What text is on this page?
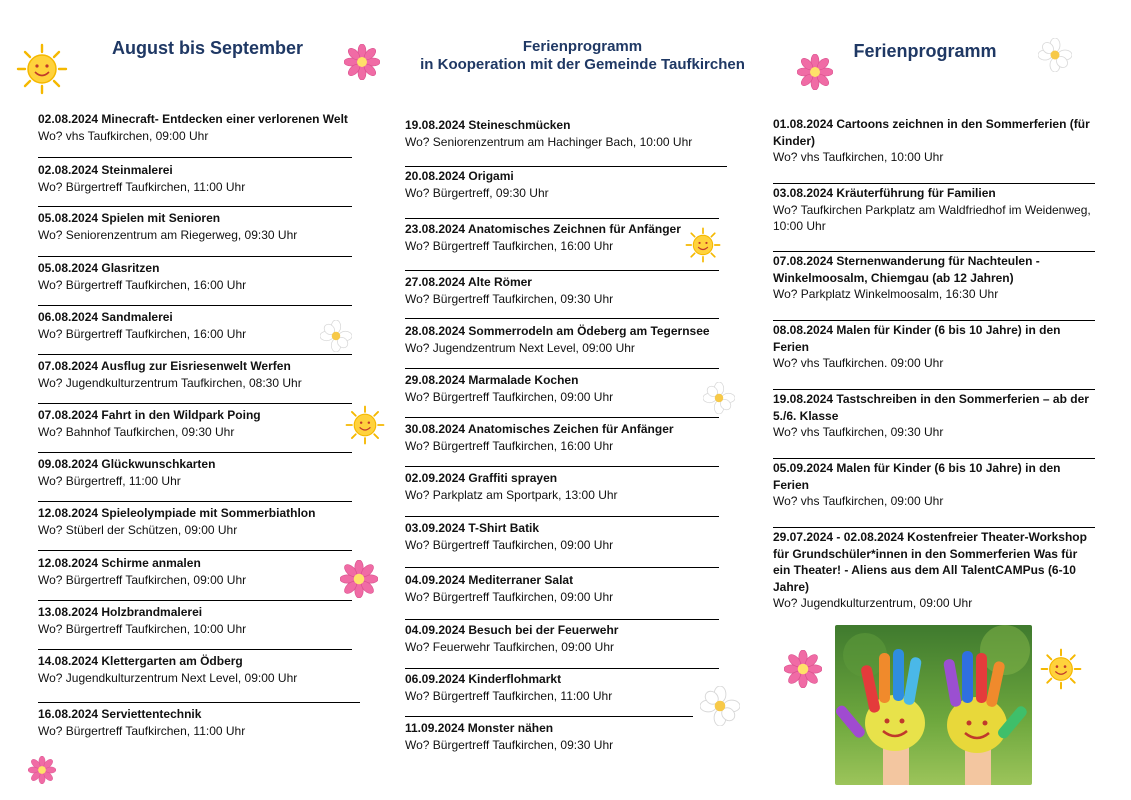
August bis September	Ferienprogramm
in Kooperation mit der Gemeinde Taufkirchen
Ferienprogramm
02.08.2024 Minecraft- Entdecken einer verlorenen Welt
Wo? vhs Taufkirchen, 09:00 Uhr
02.08.2024 Steinmalerei
Wo? Bürgertreff Taufkirchen, 11:00 Uhr
05.08.2024 Spielen mit Senioren
Wo? Seniorenzentrum am Riegerweg, 09:30 Uhr
05.08.2024 Glasritzen
Wo? Bürgertreff Taufkirchen, 16:00 Uhr
06.08.2024 Sandmalerei
Wo? Bürgertreff Taufkirchen, 16:00 Uhr
07.08.2024 Ausflug zur Eisriesenwelt Werfen
Wo? Jugendkulturzentrum Taufkirchen, 08:30 Uhr
07.08.2024 Fahrt in den Wildpark Poing
Wo? Bahnhof Taufkirchen, 09:30 Uhr
09.08.2024 Glückwunschkarten
Wo? Bürgertreff, 11:00 Uhr
12.08.2024 Spieleolympiade mit Sommerbiathlon
Wo? Stüberl der Schützen, 09:00 Uhr
12.08.2024 Schirme anmalen
Wo? Bürgertreff Taufkirchen, 09:00 Uhr
13.08.2024 Holzbrandmalerei
Wo? Bürgertreff Taufkirchen, 10:00 Uhr
14.08.2024 Klettergarten am Ödberg
Wo? Jugendkulturzentrum Next Level, 09:00 Uhr
16.08.2024 Serviettentechnik
Wo? Bürgertreff Taufkirchen, 11:00 Uhr
19.08.2024 Steineschmücken
Wo? Seniorenzentrum am Hachinger Bach, 10:00 Uhr
20.08.2024 Origami
Wo? Bürgertreff, 09:30 Uhr
23.08.2024 Anatomisches Zeichnen für Anfänger
Wo? Bürgertreff Taufkirchen, 16:00 Uhr
27.08.2024 Alte Römer
Wo? Bürgertreff Taufkirchen, 09:30 Uhr
28.08.2024 Sommerrodeln am Ödeberg am Tegernsee
Wo? Jugendzentrum Next Level, 09:00 Uhr
29.08.2024 Marmalade Kochen
Wo? Bürgertreff Taufkirchen, 09:00 Uhr
30.08.2024 Anatomisches Zeichen für Anfänger
Wo? Bürgertreff Taufkirchen, 16:00 Uhr
02.09.2024 Graffiti sprayen
Wo? Parkplatz am Sportpark, 13:00 Uhr
03.09.2024 T-Shirt Batik
Wo? Bürgertreff Taufkirchen, 09:00 Uhr
04.09.2024 Mediterraner Salat
Wo? Bürgertreff Taufkirchen, 09:00 Uhr
04.09.2024 Besuch bei der Feuerwehr
Wo? Feuerwehr Taufkirchen, 09:00 Uhr
06.09.2024 Kinderflohmarkt
Wo? Bürgertreff Taufkirchen, 11:00 Uhr
11.09.2024 Monster nähen
Wo? Bürgertreff Taufkirchen, 09:30 Uhr
01.08.2024 Cartoons zeichnen in den Sommerferien (für Kinder)
Wo? vhs Taufkirchen, 10:00 Uhr
03.08.2024 Kräuterführung für Familien
Wo? Taufkirchen Parkplatz am Waldfriedhof im Weidenweg, 10:00 Uhr
07.08.2024 Sternenwanderung für Nachteulen - Winkelmoosalm, Chiemgau (ab 12 Jahren)
Wo? Parkplatz Winkelmoosalm, 16:30 Uhr
08.08.2024 Malen für Kinder (6 bis 10 Jahre) in den Ferien
Wo? vhs Taufkirchen. 09:00 Uhr
19.08.2024 Tastschreiben in den Sommerferien – ab der 5./6. Klasse
Wo? vhs Taufkirchen, 09:30 Uhr
05.09.2024 Malen für Kinder (6 bis 10 Jahre) in den Ferien
Wo? vhs Taufkirchen, 09:00 Uhr
29.07.2024 - 02.08.2024 Kostenfreier Theater-Workshop für Grundschüler*innen in den Sommerferien Was für ein Theater! - Aliens aus dem All TalentCAMPus (6-10 Jahre)
Wo? Jugendkulturzentrum, 09:00 Uhr
